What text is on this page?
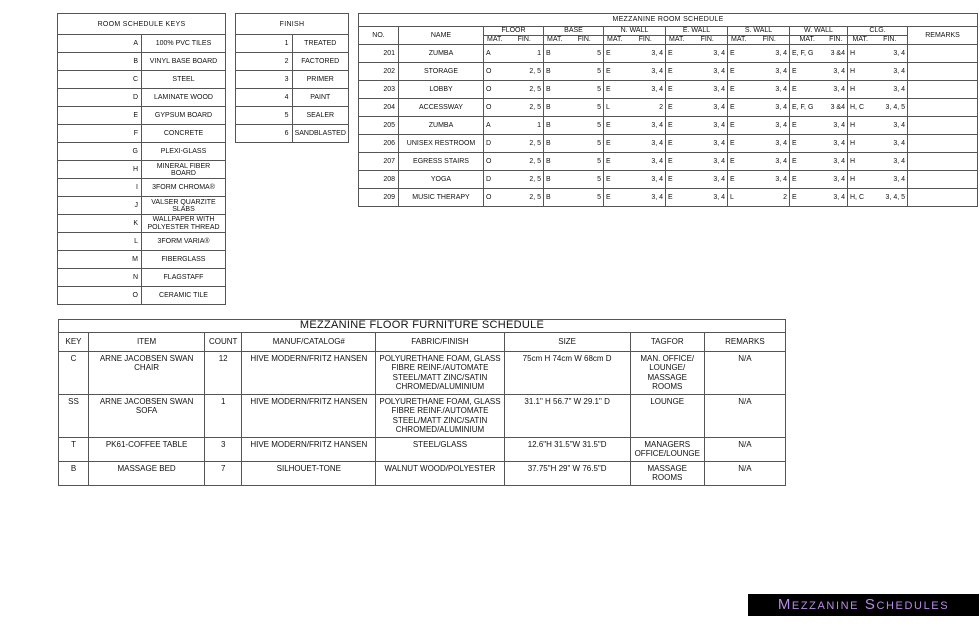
ROOM SCHEDULE KEYS	
A	100% PVC TILES
B	VINYL BASE BOARD
C	STEEL
D	LAMINATE WOOD
E	GYPSUM BOARD
F	CONCRETE
G	PLEXI-GLASS
H	MINERAL FIBER BOARD
I	3FORM CHROMA®
J	VALSER QUARZITE SLABS
K	WALLPAPER WITH POLYESTER THREAD
L	3FORM VARIA®
M	FIBERGLASS
N	FLAGSTAFF
O	CERAMIC TILE
FINISH	
1	TREATED
2	FACTORED
3	PRIMER
4	PAINT
5	SEALER
6	SANDBLASTED
MEZZANINE ROOM SCHEDULE																
NO.	NAME	FLOOR		BASE		N. WALL		E. WALL		S. WALL		W. WALL		CLG.		REMARKS
		MAT.	FIN.	MAT.	FIN.	MAT.	FIN.	MAT.	FIN.	MAT.	FIN.	MAT.	FIN.	MAT.	FIN.	
201	ZUMBA	A	1	B	5	E	3, 4	E	3, 4	E	3, 4	E, F, G	3 &4	H	3, 4	
202	STORAGE	O	2, 5	B	5	E	3, 4	E	3, 4	E	3, 4	E	3, 4	H	3, 4	
203	LOBBY	O	2, 5	B	5	E	3, 4	E	3, 4	E	3, 4	E	3, 4	H	3, 4	
204	ACCESSWAY	O	2, 5	B	5	L	2	E	3, 4	E	3, 4	E, F, G	3 &4	H, C	3, 4, 5	
205	ZUMBA	A	1	B	5	E	3, 4	E	3, 4	E	3, 4	E	3, 4	H	3, 4	
206	UNISEX RESTROOM	D	2, 5	B	5	E	3, 4	E	3, 4	E	3, 4	E	3, 4	H	3, 4	
207	EGRESS STAIRS	O	2, 5	B	5	E	3, 4	E	3, 4	E	3, 4	E	3, 4	H	3, 4	
208	YOGA	D	2, 5	B	5	E	3, 4	E	3, 4	E	3, 4	E	3, 4	H	3, 4	
209	MUSIC THERAPY	O	2, 5	B	5	E	3, 4	E	3, 4	L	2	E	3, 4	H, C	3, 4, 5	
MEZZANINE FLOOR FURNITURE SCHEDULE							
KEY	ITEM	COUNT	MANUF/CATALOG#	FABRIC/FINISH	SIZE	TAGFOR	REMARKS
C	ARNE JACOBSEN SWAN CHAIR	12	HIVE MODERN/FRITZ HANSEN	POLYURETHANE FOAM, GLASS FIBRE REINF./AUTOMATE STEEL/MATT ZINC/SATIN CHROMED/ALUMINIUM	75cm H 74cm W 68cm D	MAN. OFFICE/ LOUNGE/ MASSAGE ROOMS	N/A
SS	ARNE JACOBSEN SWAN SOFA	1	HIVE MODERN/FRITZ HANSEN	POLYURETHANE FOAM, GLASS FIBRE REINF./AUTOMATE STEEL/MATT ZINC/SATIN CHROMED/ALUMINIUM	31.1" H 56.7" W 29.1" D	LOUNGE	N/A
T	PK61-COFFEE TABLE	3	HIVE MODERN/FRITZ HANSEN	STEEL/GLASS	12.6"H 31.5"W 31.5"D	MANAGERS OFFICE/LOUNGE	N/A
B	MASSAGE BED	7	SILHOUET-TONE	WALNUT WOOD/POLYESTER	37.75"H 29" W 76.5"D	MASSAGE ROOMS	N/A
Mezzanine Schedules
